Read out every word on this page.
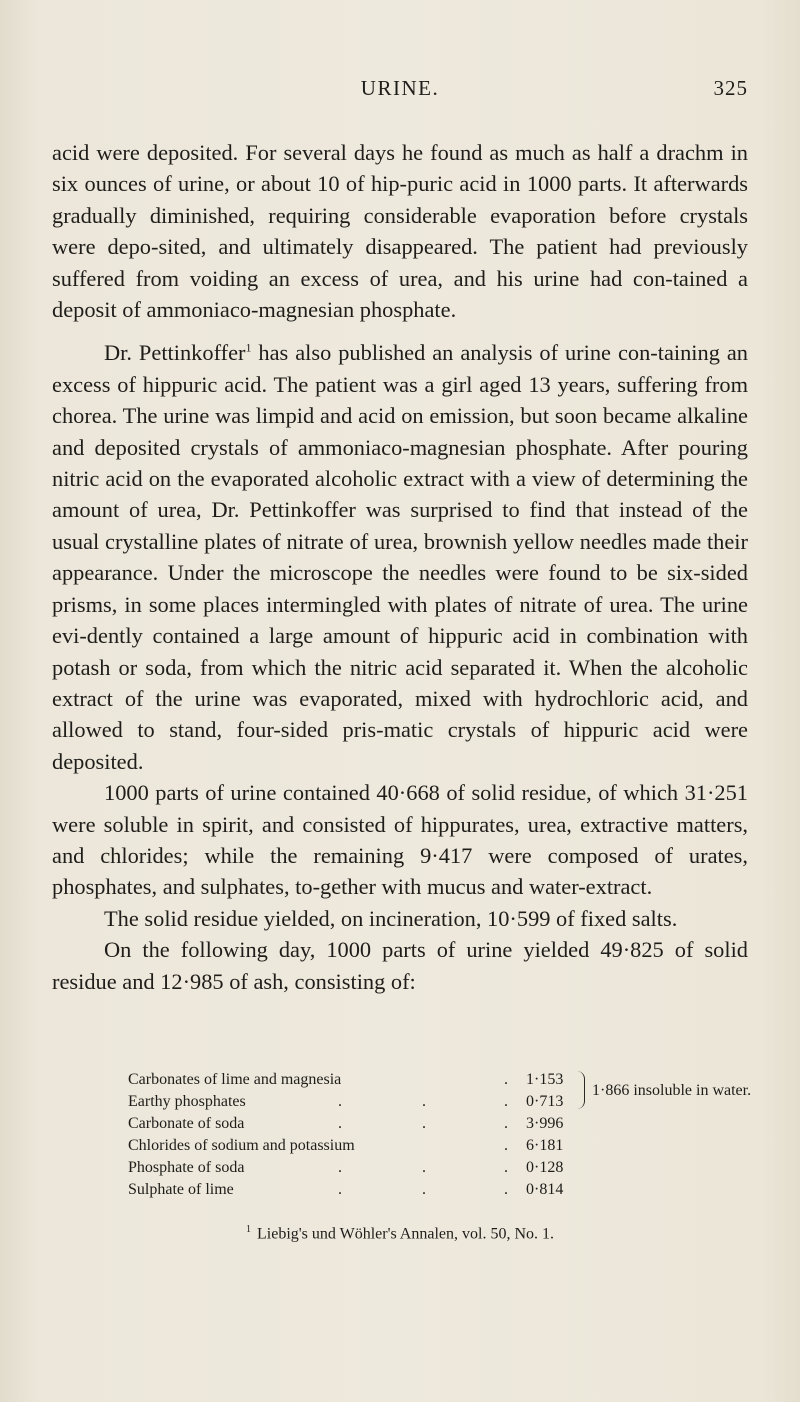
URINE.	325

acid were deposited. For several days he found as much as half a drachm in six ounces of urine, or about 10 of hip-puric acid in 1000 parts. It afterwards gradually diminished, requiring considerable evaporation before crystals were depo-sited, and ultimately disappeared. The patient had previously suffered from voiding an excess of urea, and his urine had con-tained a deposit of ammoniaco-magnesian phosphate.

Dr. Pettinkoffer$^1$ has also published an analysis of urine con-taining an excess of hippuric acid. The patient was a girl aged 13 years, suffering from chorea. The urine was limpid and acid on emission, but soon became alkaline and deposited crystals of ammoniaco-magnesian phosphate. After pouring nitric acid on the evaporated alcoholic extract with a view of determining the amount of urea, Dr. Pettinkoffer was surprised to find that instead of the usual crystalline plates of nitrate of urea, brownish yellow needles made their appearance. Under the microscope the needles were found to be six-sided prisms, in some places intermingled with plates of nitrate of urea. The urine evi-dently contained a large amount of hippuric acid in combination with potash or soda, from which the nitric acid separated it. When the alcoholic extract of the urine was evaporated, mixed with hydrochloric acid, and allowed to stand, four-sided pris-matic crystals of hippuric acid were deposited.

1000 parts of urine contained 40·668 of solid residue, of which 31·251 were soluble in spirit, and consisted of hippurates, urea, extractive matters, and chlorides; while the remaining 9·417 were composed of urates, phosphates, and sulphates, to-gether with mucus and water-extract.

The solid residue yielded, on incineration, 10·599 of fixed salts.

On the following day, 1000 parts of urine yielded 49·825 of solid residue and 12·985 of ash, consisting of:

Carbonates of lime and magnesia	. 1·153
Earthy phosphates	.	.	. 0·713
Carbonate of soda	.	.	. 3·996
Chlorides of sodium and potassium	. 6·181
Phosphate of soda	.	.	. 0·128
Sulphate of lime	.	.	. 0·814
1·866 insoluble in water.
$^1$ Liebig's und Wöhler's Annalen, vol. 50, No. 1.
